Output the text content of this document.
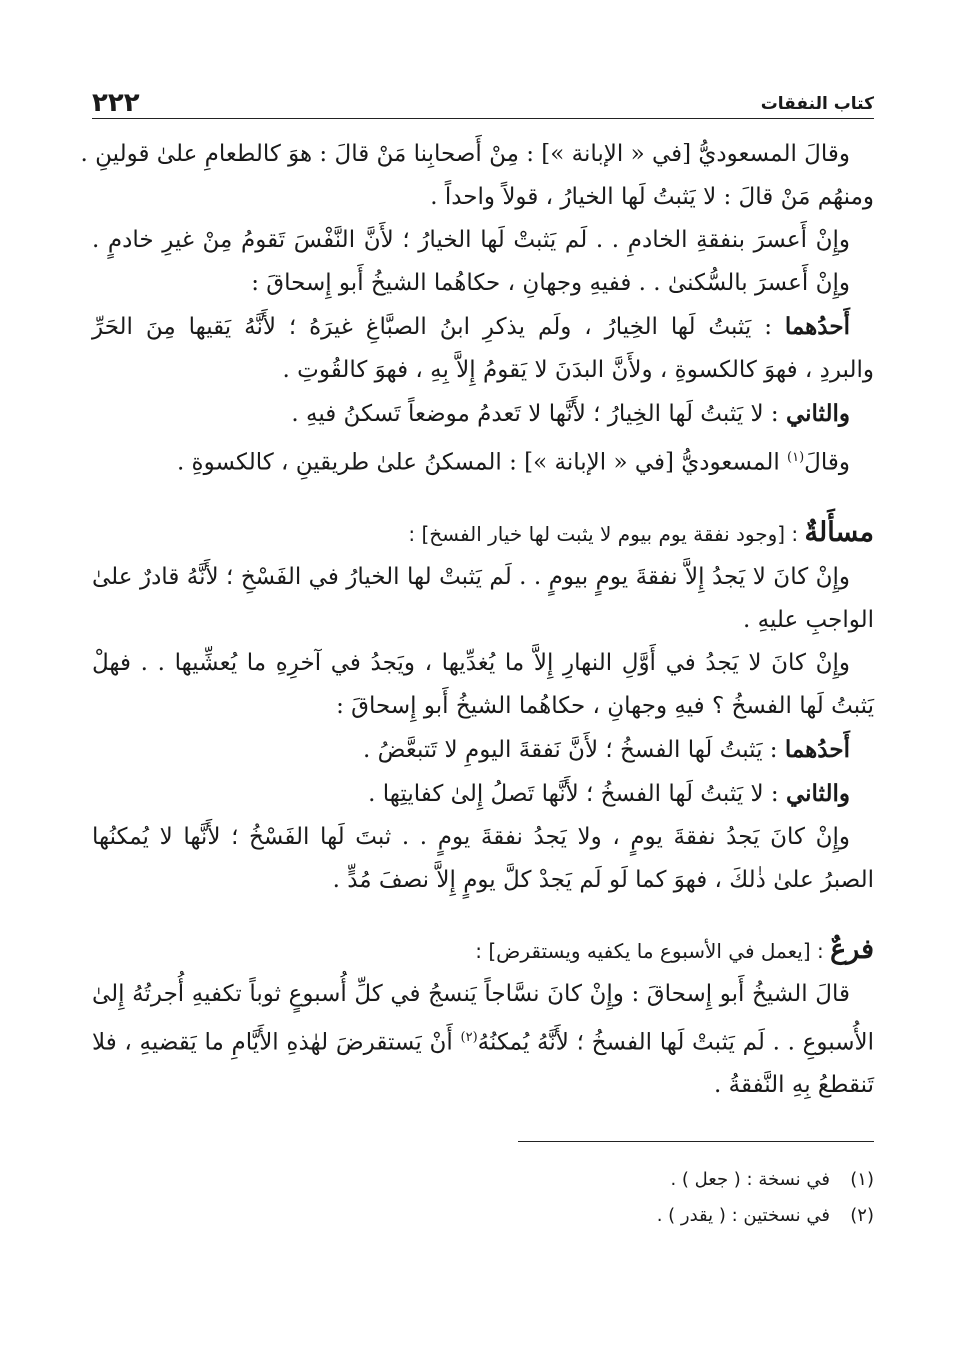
كتاب النفقات
٢٢٢
وقالَ المسعوديُّ [في « الإبانة »] : مِنْ أَصحابِنا مَنْ قالَ : هوَ كالطعامِ علىٰ قولينِ .
ومنهُم مَنْ قالَ : لا يَثبتُ لَها الخيارُ ، قولاً واحداً .
وإِنْ أَعسرَ بنفقةِ الخادمِ . . لَم يَثبتْ لَها الخيارُ ؛ لأَنَّ النَّفْسَ تَقومُ مِنْ غيرِ خادمٍ .
وإِنْ أَعسرَ بالسُّكنىٰ . . ففيهِ وجهانِ ، حكاهُما الشيخُ أَبو إِسحاقَ :
أَحدُهما : يَثبتُ لَها الخِيارُ ، ولَم يذكرِ ابنُ الصبَّاغِ غيرَهُ ؛ لأَنَّهُ يَقيها مِنَ الحَرِّ
والبردِ ، فهوَ كالكسوةِ ، ولأَنَّ البدَنَ لا يَقومُ إِلاَّ بِهِ ، فهوَ كالقُوتِ .
والثاني : لا يَثبتُ لَها الخِيارُ ؛ لأَنَّها لا تَعدمُ موضعاً تَسكنُ فيهِ .
وقالَ$^{(١)}$ المسعوديُّ [في « الإبانة »] : المسكنُ علىٰ طريقينِ ، كالكسوةِ .
مسأَلةٌ : [وجود نفقة يوم بيوم لا يثبت لها خيار الفسخ] :
وإِنْ كانَ لا يَجدُ إِلاَّ نفقةَ يومٍ بيومٍ . . لَم يَثبتْ لها الخيارُ في الفَسْخِ ؛ لأَنَّهُ قادرٌ علىٰ
الواجبِ عليهِ .
وإِنْ كانَ لا يَجدُ في أَوَّلِ النهارِ إِلاَّ ما يُغدِّيها ، ويَجدُ في آخرِهِ ما يُعشِّيها . . فهلْ
يَثبتُ لَها الفسخُ ؟ فيهِ وجهانِ ، حكاهُما الشيخُ أَبو إِسحاقَ :
أَحدُهما : يَثبتُ لَها الفسخُ ؛ لأَنَّ نَفقةَ اليومِ لا تَتبعَّضُ .
والثاني : لا يَثبتُ لَها الفسخُ ؛ لأَنَّها تَصلُ إِلىٰ كفايتِها .
وإِنْ كانَ يَجدُ نفقةَ يومٍ ، ولا يَجدُ نفقةَ يومٍ . . ثبتَ لَها الفَسْخُ ؛ لأَنَّها لا يُمكنُها
الصبرُ علىٰ ذٰلكَ ، فهوَ كما لَو لَم يَجدْ كلَّ يومٍ إِلاَّ نصفَ مُدٍّ .
فرعٌ : [يعمل في الأسبوع ما يكفيه ويستقرض] :
قالَ الشيخُ أَبو إِسحاقَ : وإِنْ كانَ نسَّاجاً يَنسجُ في كلِّ أُسبوعٍ ثوباً تكفيهِ أُجرتُهُ إِلىٰ
الأُسبوعِ . . لَم يَثبتْ لَها الفسخُ ؛ لأَنَّهُ يُمكنُهُ$^{(٢)}$ أَنْ يَستقرضَ لهٰذهِ الأَيَّامِ ما يَقضيهِ ، فلا
تَنقطعُ بِهِ النَّفقةُ .
(١)في نسخة : ( جعل ) .
(٢)في نسختين : ( يقدر ) .
